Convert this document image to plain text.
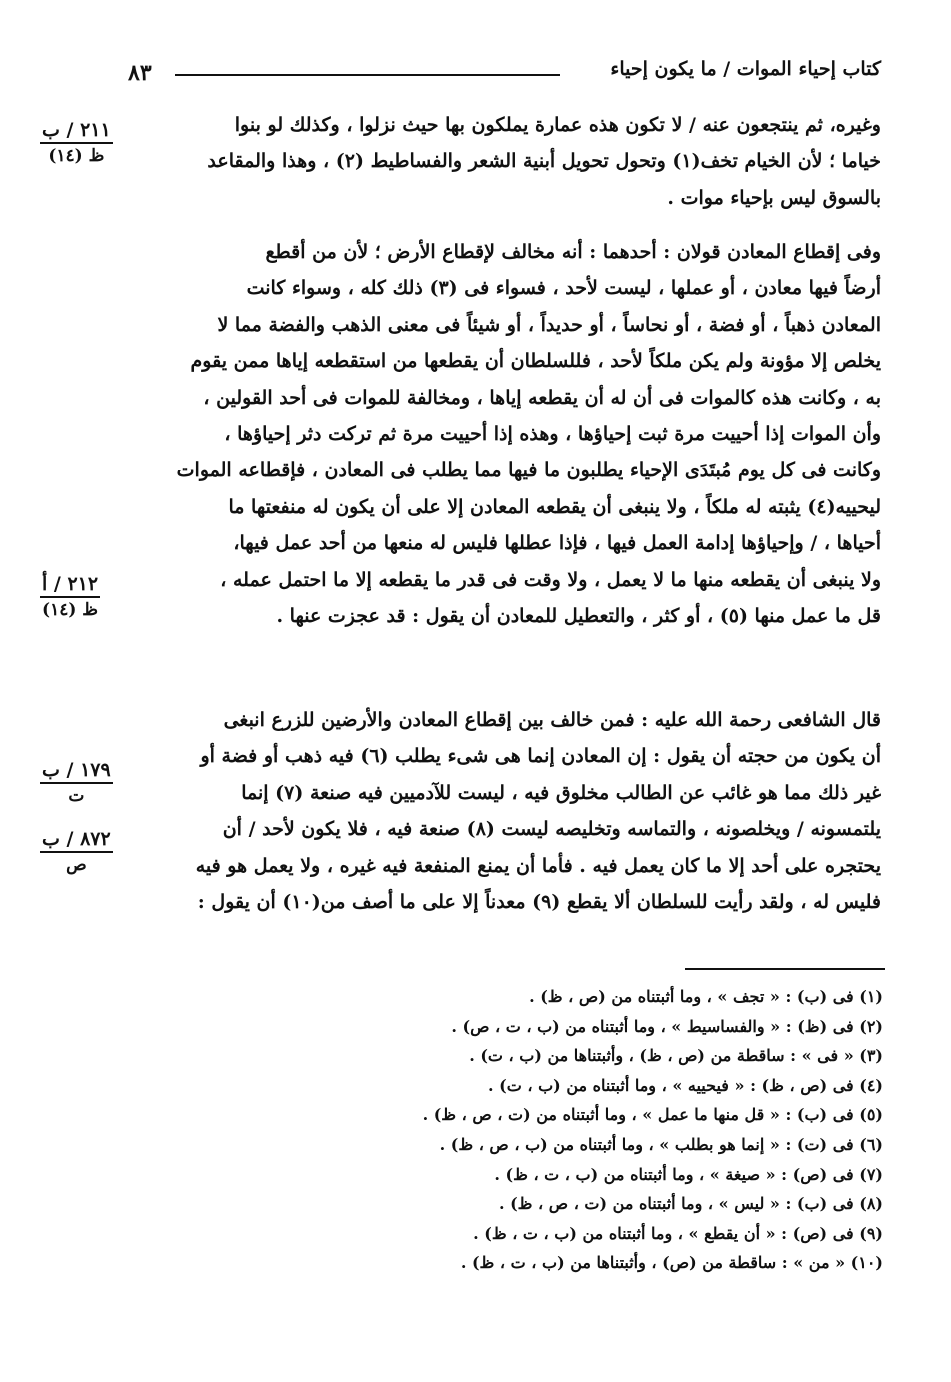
كتاب إحياء الموات / ما يكون إحياء
٨٣
٢١١ / ب
ظ (١٤)
٢١٢ / أ
ظ (١٤)
١٧٩ / ب
ت
٨٧٢ / ب
ص
وغيره، ثم ينتجعون عنه / لا تكون هذه عمارة يملكون بها حيث نزلوا ، وكذلك لو بنوا
خياما ؛ لأن الخيام تخف(١) وتحول تحويل أبنية الشعر والفساطيط (٢) ، وهذا والمقاعد
بالسوق ليس بإحياء موات .
وفى إقطاع المعادن قولان : أحدهما : أنه مخالف لإقطاع الأرض ؛ لأن من أقطع
أرضاً فيها معادن ، أو عملها ، ليست لأحد ، فسواء فى (٣) ذلك كله ، وسواء كانت
المعادن ذهباً ، أو فضة ، أو نحاساً ، أو حديداً ، أو شيئاً فى معنى الذهب والفضة مما لا
يخلص إلا مؤونة ولم يكن ملكاً لأحد ، فللسلطان أن يقطعها من استقطعه إياها ممن يقوم
به ، وكانت هذه كالموات فى أن له أن يقطعه إياها ، ومخالفة للموات فى أحد القولين ،
وأن الموات إذا أحييت مرة ثبت إحياؤها ، وهذه إذا أحييت مرة ثم تركت دثر إحياؤها ،
وكانت فى كل يوم مُبتَدَى الإحياء يطلبون ما فيها مما يطلب فى المعادن ، فإقطاعه الموات
ليحييه(٤) يثبته له ملكاً ، ولا ينبغى أن يقطعه المعادن إلا على أن يكون له منفعتها ما
أحياها ، / وإحياؤها إدامة العمل فيها ، فإذا عطلها فليس له منعها من أحد عمل فيها،
ولا ينبغى أن يقطعه منها ما لا يعمل ، ولا وقت فى قدر ما يقطعه إلا ما احتمل عمله ،
قل ما عمل منها (٥) ، أو كثر ، والتعطيل للمعادن أن يقول : قد عجزت عنها .
قال الشافعى رحمة الله عليه : فمن خالف بين إقطاع المعادن والأرضين للزرع انبغى
أن يكون من حجته أن يقول : إن المعادن إنما هى شىء يطلب (٦) فيه ذهب أو فضة أو
غير ذلك مما هو غائب عن الطالب مخلوق فيه ، ليست للآدميين فيه صنعة (٧) إنما
يلتمسونه / ويخلصونه ، والتماسه وتخليصه ليست (٨) صنعة فيه ، فلا يكون لأحد / أن
يحتجره على أحد إلا ما كان يعمل فيه . فأما أن يمنع المنفعة فيه غيره ، ولا يعمل هو فيه
فليس له ، ولقد رأيت للسلطان ألا يقطع (٩) معدناً إلا على ما أصف من(١٠) أن يقول :
(١) فى (ب) : « تجف » ، وما أثبتناه من (ص ، ظ) .
(٢) فى (ظ) : « والفساسيط » ، وما أثبتناه من (ب ، ت ، ص) .
(٣) « فى » : ساقطة من (ص ، ظ) ، وأثبتناها من (ب ، ت) .
(٤) فى (ص ، ظ) : « فيحييه » ، وما أثبتناه من (ب ، ت) .
(٥) فى (ب) : « قل منها ما عمل » ، وما أثبتناه من (ت ، ص ، ظ) .
(٦) فى (ت) : « إنما هو بطلب » ، وما أثبتناه من (ب ، ص ، ظ) .
(٧) فى (ص) : « صيغة » ، وما أثبتناه من (ب ، ت ، ظ) .
(٨) فى (ب) : « ليس » ، وما أثبتناه من (ت ، ص ، ظ) .
(٩) فى (ص) : « أن يقطع » ، وما أثبتناه من (ب ، ت ، ظ) .
(١٠) « من » : ساقطة من (ص) ، وأثبتناها من (ب ، ت ، ظ) .
